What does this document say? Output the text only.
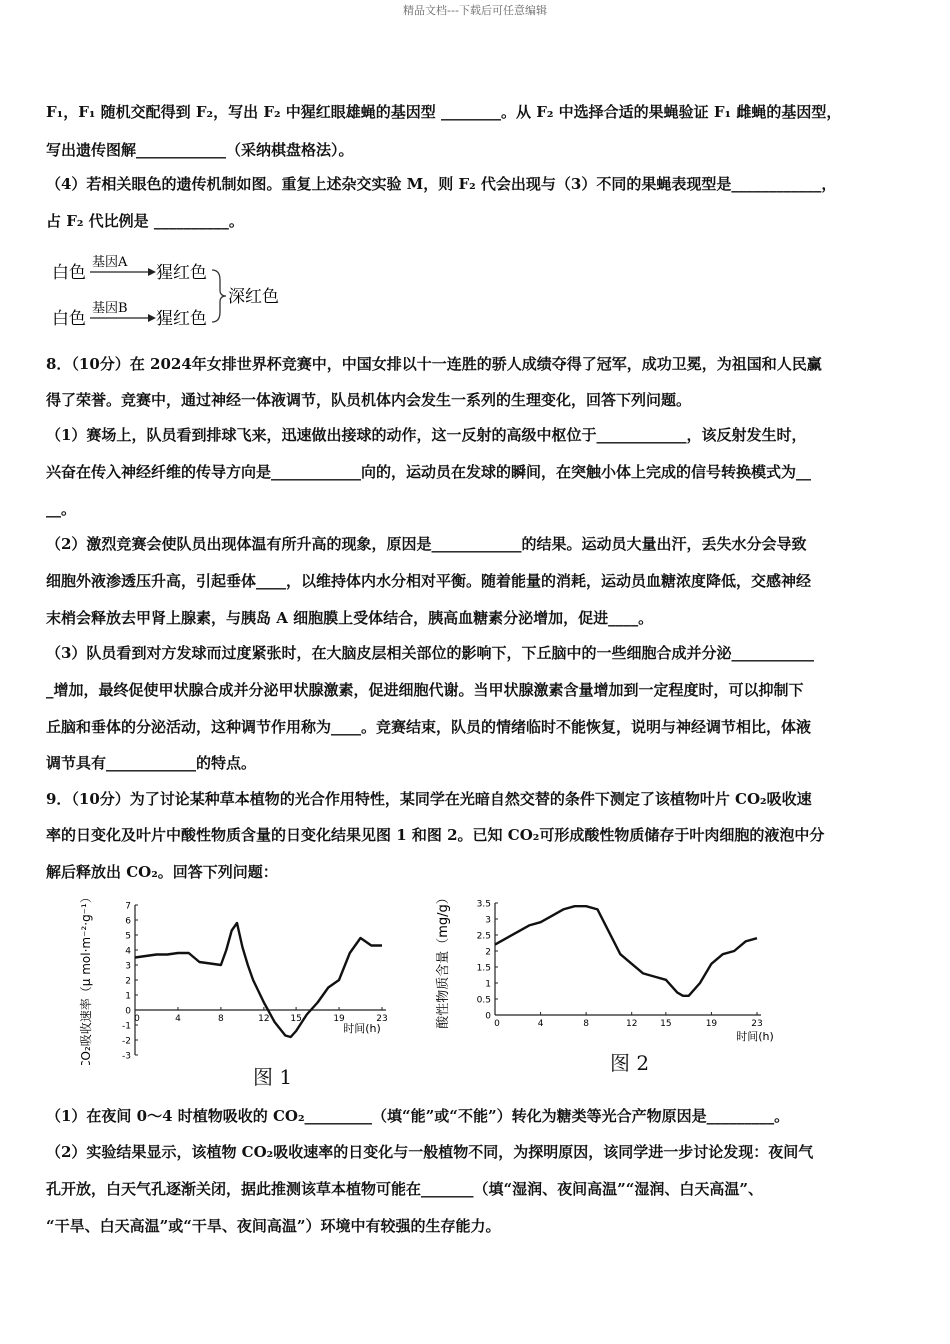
精品文档---下载后可任意编辑
F₁，F₁ 随机交配得到 F₂，写出 F₂ 中猩红眼雄蝇的基因型 ________。从 F₂ 中选择合适的果蝇验证 F₁ 雌蝇的基因型，
写出遗传图解____________（采纳棋盘格法）。
（4）若相关眼色的遗传机制如图。重复上述杂交实验 M，则 F₂ 代会出现与（3）不同的果蝇表现型是____________，
占 F₂ 代比例是 __________。
白色
基因A
猩红色
白色
基因B
猩红色
深红色
8．（10分）在 2024年女排世界杯竞赛中，中国女排以十一连胜的骄人成绩夺得了冠军，成功卫冕，为祖国和人民赢
得了荣誉。竞赛中，通过神经一体液调节，队员机体内会发生一系列的生理变化，回答下列问题。
（1）赛场上，队员看到排球飞来，迅速做出接球的动作，这一反射的高级中枢位于____________，该反射发生时，
兴奋在传入神经纤维的传导方向是____________向的，运动员在发球的瞬间，在突触小体上完成的信号转换模式为__
__。
（2）激烈竞赛会使队员出现体温有所升高的现象，原因是____________的结果。运动员大量出汗，丢失水分会导致
细胞外液渗透压升高，引起垂体____，以维持体内水分相对平衡。随着能量的消耗，运动员血糖浓度降低，交感神经
末梢会释放去甲肾上腺素，与胰岛 A 细胞膜上受体结合，胰高血糖素分泌增加，促进____。
（3）队员看到对方发球而过度紧张时，在大脑皮层相关部位的影响下，下丘脑中的一些细胞合成并分泌___________
_增加，最终促使甲状腺合成并分泌甲状腺激素，促进细胞代谢。当甲状腺激素含量增加到一定程度时，可以抑制下
丘脑和垂体的分泌活动，这种调节作用称为____。竞赛结束，队员的情绪临时不能恢复，说明与神经调节相比，体液
调节具有____________的特点。
9．（10分）为了讨论某种草本植物的光合作用特性，某同学在光暗自然交替的条件下测定了该植物叶片 CO₂吸收速
率的日变化及叶片中酸性物质含量的日变化结果见图 1 和图 2。已知 CO₂可形成酸性物质储存于叶肉细胞的液泡中分
解后释放出 CO₂。回答下列问题：
CO₂吸收速率（μ mol·m⁻²·g⁻¹）	7
6
5
4
3
2
1
0
-1
-2
-3
0	4	8	12 15	19	23
时间(h)
图 1
酸性物质含量（mg/g）	3.5
3
2.5
2
1.5
1
0.5
0
0	4	8	12	15	19	23
时间(h)
图 2
（1）在夜间 0～4 时植物吸收的 CO₂_________（填“能”或“不能”）转化为糖类等光合产物原因是_________。
（2）实验结果显示，该植物 CO₂吸收速率的日变化与一般植物不同，为探明原因，该同学进一步讨论发现：夜间气
孔开放，白天气孔逐渐关闭，据此推测该草本植物可能在_______（填“湿润、夜间高温”“湿润、白天高温”、
“干旱、白天高温”或“干旱、夜间高温”）环境中有较强的生存能力。
